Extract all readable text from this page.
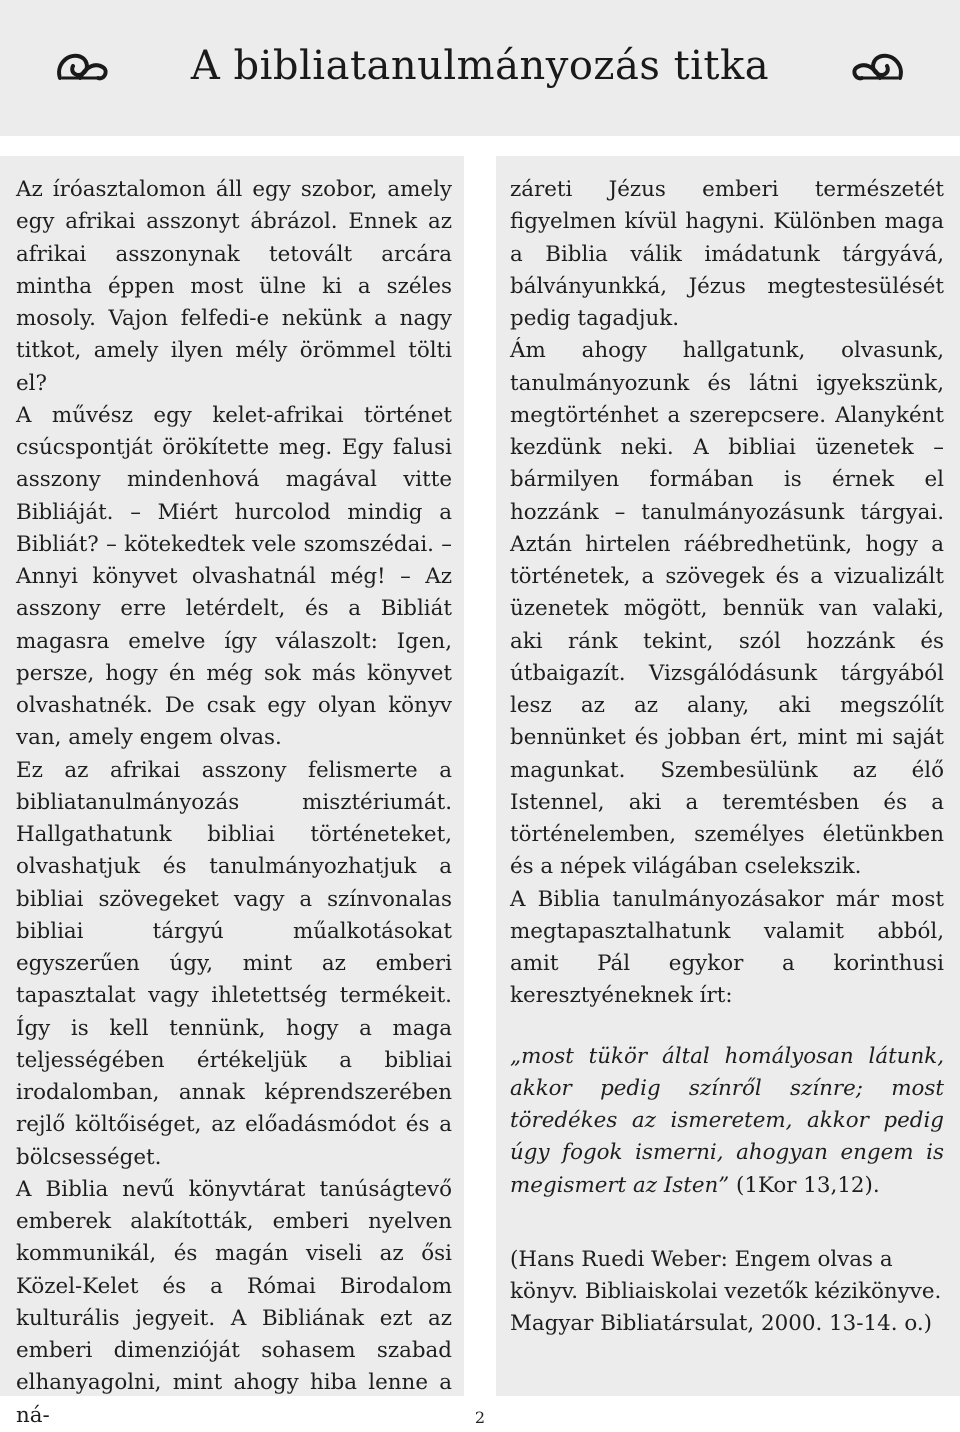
A bibliatanulmányozás titka

Az íróasztalomon áll egy szobor, amely egy afrikai asszonyt ábrázol. Ennek az afrikai asszonynak tetovált arcára mintha éppen most ülne ki a széles mosoly. Vajon felfedi-e nekünk a nagy titkot, amely ilyen mély örömmel tölti el?

A művész egy kelet-afrikai történet csúcspontját örökítette meg. Egy falusi asszony mindenhová magával vitte Bibliáját. – Miért hurcolod mindig a Bibliát? – kötekedtek vele szomszédai. – Annyi könyvet olvashatnál még! – Az asszony erre letérdelt, és a Bibliát magasra emelve így válaszolt: Igen, persze, hogy én még sok más könyvet olvashatnék. De csak egy olyan könyv van, amely engem olvas.

Ez az afrikai asszony felismerte a bibliatanulmányozás misztériumát. Hallgathatunk bibliai történeteket, olvashatjuk és tanulmányozhatjuk a bibliai szövegeket vagy a színvonalas bibliai tárgyú műalkotásokat egyszerűen úgy, mint az emberi tapasztalat vagy ihletettség termékeit. Így is kell tennünk, hogy a maga teljességében értékeljük a bibliai irodalomban, annak képrendszerében rejlő költőiséget, az előadásmódot és a bölcsességet.

A Biblia nevű könyvtárat tanúságtevő emberek alakították, emberi nyelven kommunikál, és magán viseli az ősi Közel-Kelet és a Római Birodalom kulturális jegyeit. A Bibliának ezt az emberi dimenzióját sohasem szabad elhanyagolni, mint ahogy hiba lenne a ná-

záreti Jézus emberi természetét figyelmen kívül hagyni. Különben maga a Biblia válik imádatunk tárgyává, bálványunkká, Jézus megtestesülését pedig tagadjuk.

Ám ahogy hallgatunk, olvasunk, tanulmányozunk és látni igyekszünk, megtörténhet a szerepcsere. Alanyként kezdünk neki. A bibliai üzenetek – bármilyen formában is érnek el hozzánk – tanulmányozásunk tárgyai. Aztán hirtelen ráébredhetünk, hogy a történetek, a szövegek és a vizualizált üzenetek mögött, bennük van valaki, aki ránk tekint, szól hozzánk és útbaigazít. Vizsgálódásunk tárgyából lesz az az alany, aki megszólít bennünket és jobban ért, mint mi saját magunkat. Szembesülünk az élő Istennel, aki a teremtésben és a történelemben, személyes életünkben és a népek világában cselekszik.

A Biblia tanulmányozásakor már most megtapasztalhatunk valamit abból, amit Pál egykor a korinthusi keresztyéneknek írt:

„most tükör által homályosan látunk, akkor pedig színről színre; most töredékes az ismeretem, akkor pedig úgy fogok ismerni, ahogyan engem is megismert az Isten” (1Kor 13,12).

(Hans Ruedi Weber: Engem olvas a könyv. Bibliaiskolai vezetők kézikönyve. Magyar Bibliatársulat, 2000. 13-14. o.)

2
